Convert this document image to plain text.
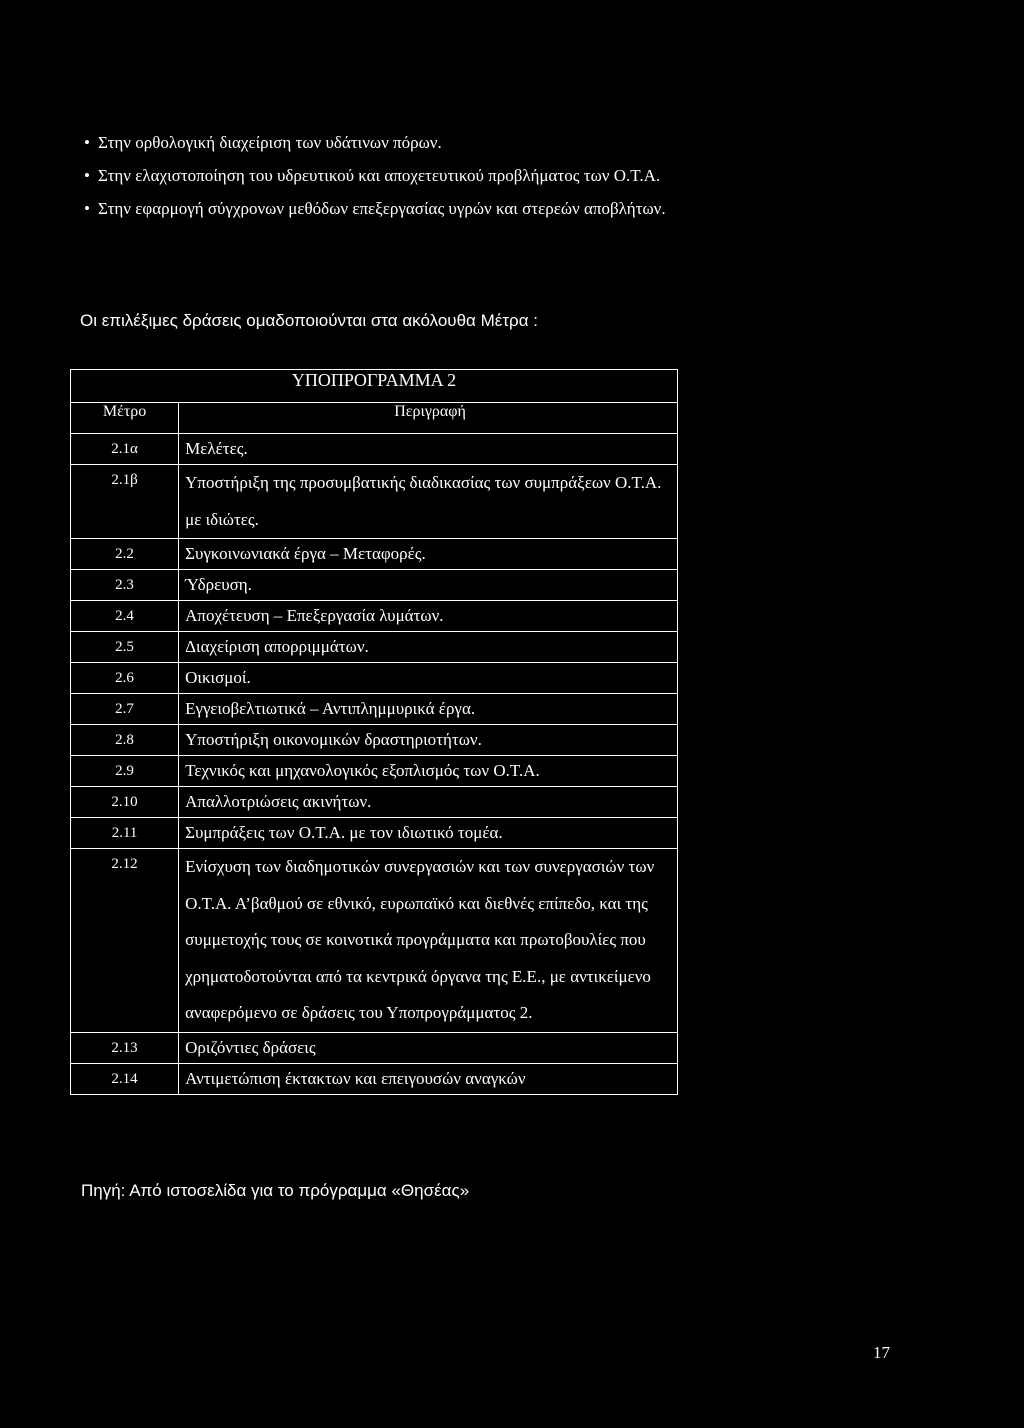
• Στην ορθολογική διαχείριση των υδάτινων πόρων.
• Στην ελαχιστοποίηση του υδρευτικού και αποχετευτικού προβλήματος των Ο.Τ.Α.
• Στην εφαρμογή σύγχρονων μεθόδων επεξεργασίας υγρών και στερεών αποβλήτων.
Οι επιλέξιμες δράσεις ομαδοποιούνται στα ακόλουθα Μέτρα :
ΥΠΟΠΡΟΓΡΑΜΜΑ 2	
Μέτρο	Περιγραφή
2.1α	Μελέτες.
2.1β	Υποστήριξη της προσυμβατικής διαδικασίας των συμπράξεων Ο.Τ.Α. με ιδιώτες.
2.2	Συγκοινωνιακά έργα – Μεταφορές.
2.3	Ύδρευση.
2.4	Αποχέτευση – Επεξεργασία λυμάτων.
2.5	Διαχείριση απορριμμάτων.
2.6	Οικισμοί.
2.7	Εγγειοβελτιωτικά – Αντιπλημμυρικά έργα.
2.8	Υποστήριξη οικονομικών δραστηριοτήτων.
2.9	Τεχνικός και μηχανολογικός εξοπλισμός των Ο.Τ.Α.
2.10	Απαλλοτριώσεις ακινήτων.
2.11	Συμπράξεις των Ο.Τ.Α. με τον ιδιωτικό τομέα.
2.12	Ενίσχυση των διαδημοτικών συνεργασιών και των συνεργασιών των Ο.Τ.Α. Α’βαθμού σε εθνικό, ευρωπαϊκό και διεθνές επίπεδο, και της συμμετοχής τους σε κοινοτικά προγράμματα και πρωτοβουλίες που χρηματοδοτούνται από τα κεντρικά όργανα της Ε.Ε., με αντικείμενο αναφερόμενο σε δράσεις του Υποπρογράμματος 2.
2.13	Οριζόντιες δράσεις
2.14	Αντιμετώπιση έκτακτων και επειγουσών αναγκών
Πηγή: Από ιστοσελίδα για το πρόγραμμα «Θησέας»
17
